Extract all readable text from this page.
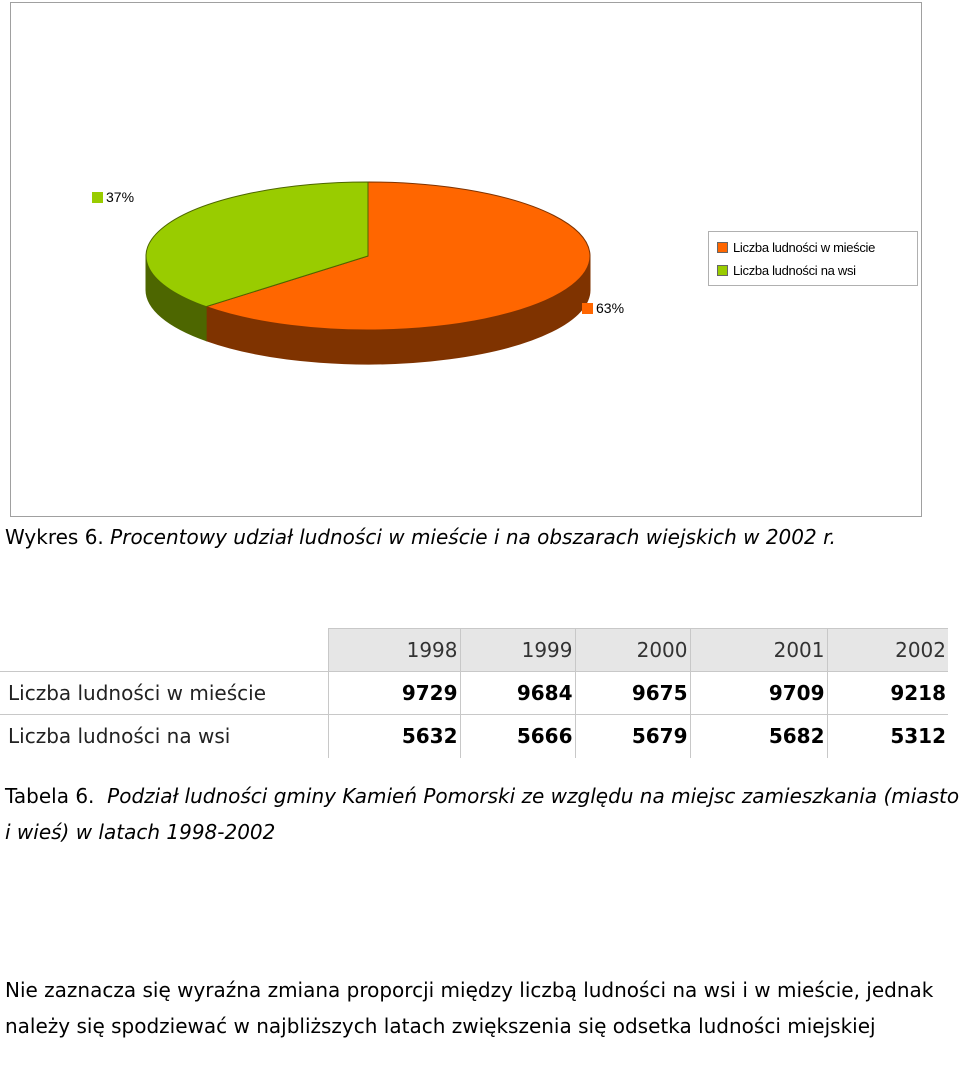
63%
37%
Liczba ludności w mieście
Liczba ludności na wsi
Wykres 6. Procentowy udział ludności w mieście i na obszarach wiejskich w 2002 r.
	1998	1999	2000	2001	2002
Liczba ludności w mieście	9729	9684	9675	9709	9218
Liczba ludności na wsi	5632	5666	5679	5682	5312
Tabela 6. Podział ludności gminy Kamień Pomorski ze względu na miejsc zamieszkania (miasto i wieś) w latach 1998-2002
Nie zaznacza się wyraźna zmiana proporcji między liczbą ludności na wsi i w mieście, jednak należy się spodziewać w najbliższych latach zwiększenia się odsetka ludności miejskiej
